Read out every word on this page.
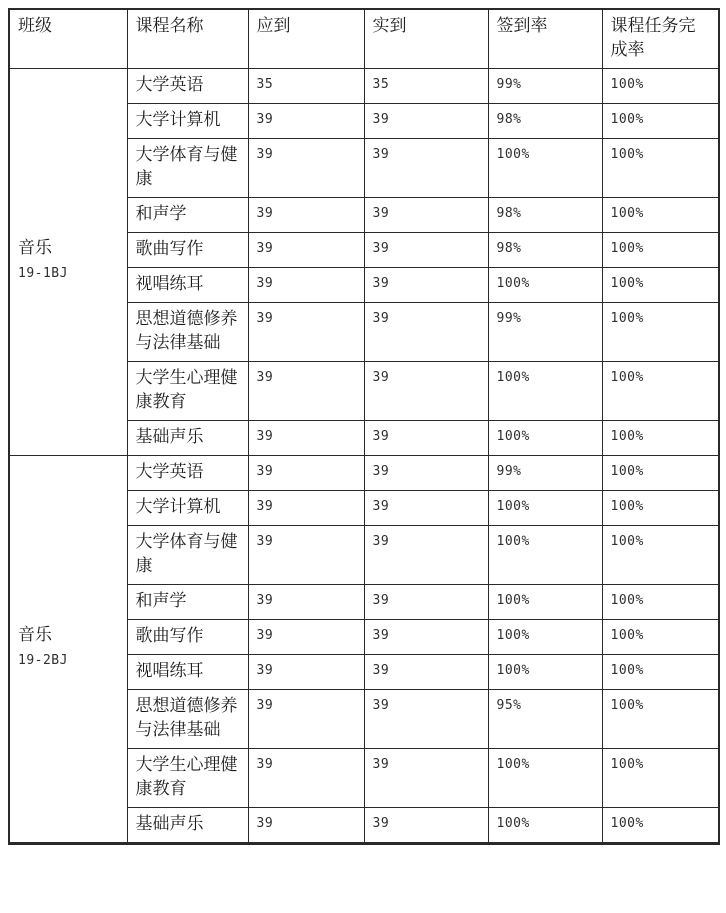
班级	课程名称	应到	实到	签到率	课程任务完成率

音乐
19-1BJ	大学英语	35	35	99%	100%
	大学计算机	39	39	98%	100%
	大学体育与健康	39	39	100%	100%
	和声学	39	39	98%	100%
	歌曲写作	39	39	98%	100%
	视唱练耳	39	39	100%	100%
	思想道德修养与法律基础	39	39	99%	100%
	大学生心理健康教育	39	39	100%	100%
	基础声乐	39	39	100%	100%

音乐
19-2BJ	大学英语	39	39	99%	100%
	大学计算机	39	39	100%	100%
	大学体育与健康	39	39	100%	100%
	和声学	39	39	100%	100%
	歌曲写作	39	39	100%	100%
	视唱练耳	39	39	100%	100%
	思想道德修养与法律基础	39	39	95%	100%
	大学生心理健康教育	39	39	100%	100%
	基础声乐	39	39	100%	100%
